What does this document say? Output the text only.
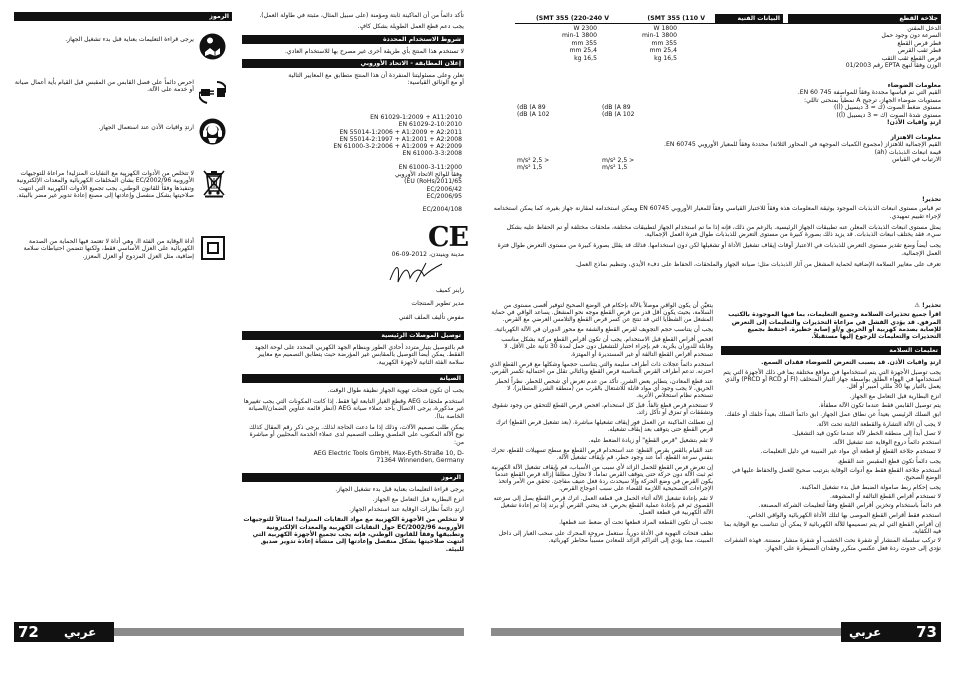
الرموز
يرجى قراءة التعليمات بعناية قبل بدء تشغيل الجهاز.
احرص دائماً على فصل القابس من المقبس قبل القيام بأية أعمال صيانة أو خدمة على الآلة.
ارتدِ واقيات الأذن عند استعمال الجهاز.
لا تتخلص من الأدوات الكهربية مع النفايات المنزلية! مراعاة للتوجيهات الأوروبية EC/2002/96 بشأن المخلفات الكهربائية والمعدات الإلكترونية وتنفيذها وفقاً للقانون الوطني، يجب تجميع الأدوات الكهربية التي انتهت صلاحيتها بشكل منفصل وإعادتها إلى مصنع إعادة تدوير غير مضر بالبيئة.
أداة الوقاية من الفئة II، وهي أداة لا تعتمد فيها الحماية من الصدمة الكهربائية على العزل الأساسي فقط، ولكنها تتضمن احتياطات سلامة إضافية، مثل العزل المزدوج أو العزل المعزز.

تأكد دائماً من أن الماكينة ثابتة ومؤمنة (على سبيل المثال، مثبتة في طاولة العمل).

يجب دعم قطع العمل الطويلة بشكل كافٍ.

شروط الاستخدام المحددة

لا تستخدم هذا المنتج بأي طريقة أخرى غير مصرح بها للاستخدام العادي.

إعلان المطابقة - الاتحاد الأوروبي

نعلن وعلى مسئوليتنا المنفردة أن هذا المنتج متطابق مع المعايير التالية أو مع الوثائق القياسية:

EN 61029-1:2009 + A11:2010
EN 61029-2-10:2010
EN 55014-1:2006 + A1:2009 + A2:2011
EN 55014-2:1997 + A1:2001 + A2:2008
EN 61000-3-2:2006 + A1:2009 + A2:2009
EN 61000-3-3:2008
EN 61000-3-11:2000
وفقاً للوائح الاتحاد الأوروبي
(EU (RoHs/2011/65
EC/2006/42
EC/2006/95
EC/2004/108
CE
مدينة وينيندن، 2012-09-06

راينر كميف

مدير تطوير المنتجات

مفوض تأليف الملف الفني

توصيل الموصلات الرئيسية

قم بالتوصيل بتيار متردد أحادي الطور وبنظام الجهد الكهربي المحدد على لوحة الجهد الفقط. يمكن أيضاً التوصيل بالمقابس غير المؤرضة حيث يتطابق التصميم مع معايير سلامة الفئة الثانية لأجهزة الكهربية.

الصيانة

يجب أن تكون فتحات تهوية الجهاز نظيفة طوال الوقت.

استخدم ملحقات AEG وقطع الغيار التابعة لها فقط. إذا كانت المكونات التي يجب تغييرها غير مذكورة، يرجى الاتصال بأحد عملاء صيانة AEG (انظر قائمة عناوين الضمان/الصيانة الخاصة بنا).

يمكن طلب تصميم الآلات، وذلك إذا ما دعت الحاجة لذلك. يرجى ذكر رقم المقال كذلك نوع الآلة المكتوب على الملصق وطلب التصميم لدى عملاء الخدمة المحليين أو مباشرة من:

AEG Electric Tools GmbH, Max-Eyth-Straße 10, D-71364 Winnenden, Germany

الرموز

يرجى قراءة التعليمات بعناية قبل بدء تشغيل الجهاز.

انزع البطارية قبل التعامل مع الجهاز.

ارتدِ دائماً نظارات الوقاية عند استخدام الجهاز.

لا تتخلص من الأجهزة الكهربية مع مواد النفايات المنزلية! امتثالاً للتوجيهات الأوروبية EC/2002/96 حول النفايات الكهربية والمعدات الإلكترونية وتطبيقها وفقاً للقانون الوطني، فإنه يجب تجميع الأجهزة الكهربية التي انتهت صلاحيتها بشكل منفصل وإعادتها إلى منشأة إعادة تدوير صديق للبيئة.

72 عربي
جلاخة القطع
البيانات الفنية
(SMT 355 (220-240 V	(SMT 355 (110 V
الدخل المقنن
السرعة دون وجود حمل
قطر قرص القطع
قطر ثقب القرص
قرص القطع ثقب الثقب
الوزن وفقاً لنهج EPTA رقم 01/2003
W 2300
min-1 3800
mm 355
mm 25,4
kg 16,5
W 1800
min-1 3800
mm 355
mm 25,4
kg 16,5
معلومات الضوضاء
القيم التي تم قياسها محددة وفقاً للمواصفة EN 60 745.
مستويات ضوضاء الجهاز، ترجيح A نمطياً بمنحنى تاللي:
مستوى ضغط الصوت (ك = 3 ديسيبل (أ))
مستوى شدة الصوت (ك = 3 ديسيبل (أ))
ارتدِ واقيات الأذن!
(dB (A 89
(dB (A 102
(dB (A 89
(dB (A 102
معلومات الاهتزاز
القيم الإجمالية للاهتزاز (مجموع الكميات الموجهة في المحاور الثلاثة) محددة وفقاً للمعيار الأوروبي EN 60745.
قيمة انبعاث الذبذبات (ah)
الارتياب في القياس
m/s² 2,5 >
m/s² 1,5
m/s² 2,5 >
m/s² 1,5

تحذير!

تم قياس مستوى انبعاث الذبذبات الموجود بوثيقة المعلومات هذه وفقاً للاختبار القياسي وفقاً للمعيار الأوروبي EN 60745 ويمكن استخدامه لمقارنة جهاز بغيره، كما يمكن استخدامه لإجراء تقييم تمهيدي.

يمثل مستوى انبعاث الذبذبات المعلن عنه تطبيقات الجهاز الرئيسية. بالرغم من ذلك، فإنه إذا ما تم استخدام الجهاز لتطبيقات مختلفة، ملحقات مختلفة أو تم الحفاظ عليه بشكل سيء، فقد يختلف انبعاث الذبذبات. قد يزيد ذلك بصورة كبيرة من مستوى التعرض للذبذبات طوال فترة العمل الإجمالية.

يجب أيضاً وضع تقدير مستوى التعرض للذبذبات في الاعتبار أوقات إيقاف تشغيل الأداة أو تشغيلها لكن دون استخدامها. فذلك قد يقلل بصورة كبيرة من مستوى التعرض طوال فترة العمل الإجمالية.

تعرف على معايير السلامة الإضافية لحماية المشغل من آثار الذبذبات مثل: صيانة الجهاز والملحقات، الحفاظ على دفء الأيدي، وتنظيم نماذج العمل.

تحذير! ⚠

اقرأ جميع تحذيرات السلامة وجميع التعليمات، بما فيها الموجودة بالكتيب المرفق. قد يؤدي الفشل في مراعاة التحذيرات والتعليمات إلى التعرض للإصابة بصدمة كهربية أو الحريق و/أو إصابة خطيرة. احتفظ بجميع التحذيرات والتعليمات للرجوع إليها مستقبلاً.

تعليمات السلامة

ارتدِ واقيات الأذن. قد يسبب التعرض للضوضاء فقدان السمع.

يجب توصيل الأجهزة التي يتم استخدامها في مواقع مختلفة بما في ذلك الأجهزة التي يتم استخدامها في الهواء الطلق بواسطة جهاز التيار المتخلف (FI أو RCD أو PRCD) والذي يعمل بالتيار بها 30 مللي أمبير أو أقل.

انزع البطارية قبل التعامل مع الجهاز.

يتم توصيل القابس فقط عندما تكون الآلة مطفأة.

ابق السلك الرئيسي بعيداً عن نطاق عمل الجهاز. ابق دائماً السلك بعيداً خلفك أو خلفك.

لا يجب أن الآلة التشارة والقطعة الثابتة تحت الآلة.

لا تصل أبداً إلى منطقة الخطر لآلة عندما تكون قيد التشغيل.

استخدم دائماً دروع الوقاية عند تشغيل الآلة.

لا تستخدم جلاخة القطع أو قطعة أي مواد غير المبينة في دليل التعليمات.

يجب دائماً تكون قطع المقبس عند القطع.

استخدم جلاخة القطع فقط مع أدوات الوقاية بترتيب صحيح للعمل والحفاظ عليها في الوضع الصحيح.

يجب إحكام ربط صامولة الضبط قبل بدء تشغيل الماكينة.

لا تستخدم أقراص القطع التالفة أو المشوهة.

قم دائماً باستخدام وتخزين أقراص القطع وفقاً لتعليمات الشركة المصنعة.

استخدم فقط أقراص القطع الموصى بها لتلك الأداة الكهربائية والواقي الخاص.

إن أقراص القطع التي لم يتم تصميمها للآلة الكهربائية لا يمكن أن تتناسب مع الوقاية بما فيه الكفاية.

لا تركب سلسلة المنشار أو شفرة نحت الخشب أو شفرة منشار مسننة. فهذه الشفرات تؤدي إلى حدوث ردة فعل عكسي متكرر وفقدان السيطرة على الجهاز.

يتعيَّن أن يكون الواقي موصلاً بالآلة بإحكام في الوضع الصحيح لتوفير أقصى مستوى من السلامة، بحيث يكون أقل قدر من قرص القطع موجه نحو المشغل. يساعد الواقي في حماية المشغل من الشظايا التي قد تنتج عن كسر قرص القطع والتلامس العرضي مع القرص.

يجب أن يتناسب حجم التجويف لقرص القطع والشفة مع محور الدوران في الآلة الكهربائية.

افحص أقراص القطع قبل الاستخدام. يجب أن تكون أقراص القطع مركبة بشكل مناسب وقابلة للدوران بحُرية. قم بإجراء اختبار للتشغيل دون حمل لمدة 30 ثانية على الأقل. لا تستخدم أقراص القطع التالفة أو غير المستديرة أو المهتزة.

استخدم دائماً عجلات ذات أطراف سليمة والتي يتناسب حجمها وشكلها مع قرص القطع الذي اخترته. تدعم أطراف القرص المناسبة قرص القطع وبالتالي تقلل من احتمالية تكسر القرص.

عند قطع المعادن، يتطاير بعض الشرر. تأكد من عدم تعرض أي شخص للخطر. نظراً لخطر الحريق، لا يجب وجود أي مواد قابلة للاشتعال بالقرب من (منطقة الشرر المتطاير). لا تستخدم نظام استخلاص الأتربة.

لا تستخدم قرص قطع تالفاً. قبل كل استخدام، افحص قرص القطع للتحقق من وجود شقوق وتشققات أو تمزق أو تآكل زائد.

إن تعطلت الماكينة عن العمل فور إيقاف تشغيلها مباشرة. (بعد تشغيل قرص القطع) اترك قرص القطع حتى يتوقف بعد إيقاف تشغيله.

لا تقم بتشغيل "قرص القطع" أو زيادة الضغط عليه.

عند القيام بالقص بقرص القطع: عند استخدام قرص القطع مع سطح تسهيلات للقطع، تحرك بنفس سرعة القطع. أما عند وجود خطر، قم بإيقاف تشغيل الآلة.

إن تعرض قرص القطع للحمل الزائد لأي سبب من الأسباب، قم بإيقاف تشغيل الآلة الكهربية ثم ثبت الآلة دون حركة حتى يتوقف القرص تماماً. لا تحاول مطلقاً إزالة قرص القطع عندما يكون القرص في وضع الحركة وإلا سيحدث ردة فعل عنيف مفاجئ. تحقق من الأمر واتخذ الإجراءات التصحيحية اللازمة للقضاء على سبب اعوجاج القرص.

لا تقم بإعادة تشغيل الآلة أثناء الحمل في قطعة العمل. اترك قرص القطع يصل إلى سرعته القصوى ثم قم بإعادة عملية القطع بحرص. قد ينحني القرص أو يرتد إذا تم إعادة تشغيل الآلة الكهربية في قطعة العمل.

تجنب أن تكون القطعة المراد قطعها تحت أي ضغط عند قطعها.

نظف فتحات التهوية في الأداة دورياً. ستعمل مروحة المحرك على سحب الغبار إلى داخل المبيت، مما يؤدي إلى التراكم الزائد للمعادن مسبباً مخاطر كهربائية.

عربي 73
